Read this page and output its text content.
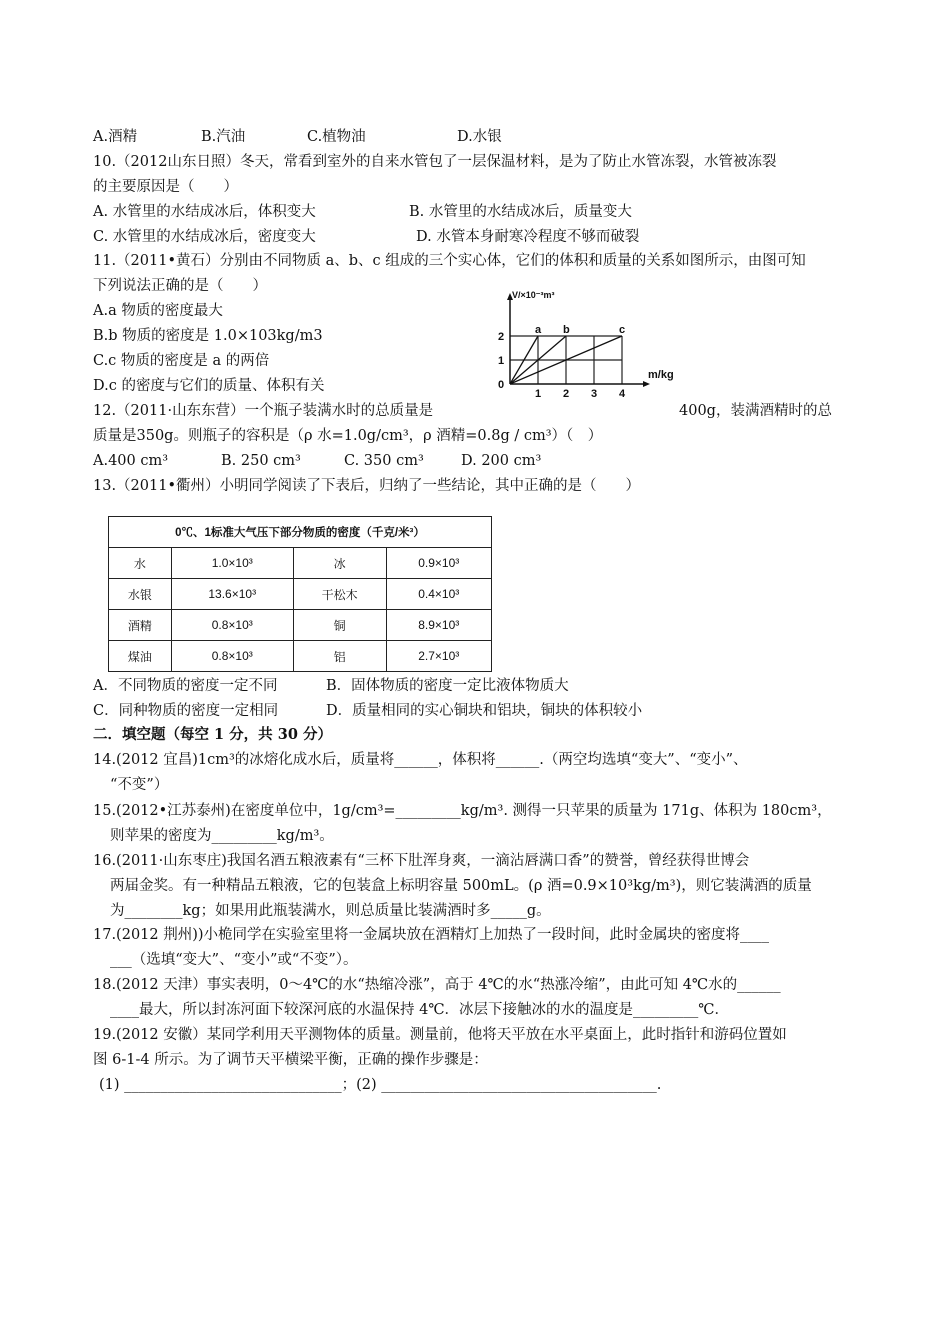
A.酒精	B.汽油	C.植物油	D.水银
10.（2012山东日照）冬天，常看到室外的自来水管包了一层保温材料，是为了防止水管冻裂，水管被冻裂
的主要原因是（　　）
A. 水管里的水结成冰后，体积变大	B. 水管里的水结成冰后，质量变大
C. 水管里的水结成冰后，密度变大	D. 水管本身耐寒冷程度不够而破裂
11.（2011•黄石）分别由不同物质 a、b、c 组成的三个实心体，它们的体积和质量的关系如图所示，由图可知
下列说法正确的是（　　）
A.a 物质的密度最大
B.b 物质的密度是 1.0×103kg/m3
C.c 物质的密度是 a 的两倍
D.c 的密度与它们的质量、体积有关
a b	c
1 2 3 4
1
2
0
m/kg
V/×10⁻³m³
12.（2011·山东东营）一个瓶子装满水时的总质量是	400g，装满酒精时的总
质量是350g。则瓶子的容积是（ρ 水=1.0g/cm³，ρ 酒精=0.8g / cm³）（　）
A.400 cm³	B. 250 cm³	C. 350 cm³	D. 200 cm³
13.（2011•衢州）小明同学阅读了下表后，归纳了一些结论，其中正确的是（　　）
0℃、1标准大气压下部分物质的密度（千克/米³）			
水	1.0×10³	冰	0.9×10³
水银	13.6×10³	干松木	0.4×10³
酒精	0.8×10³	铜	8.9×10³
煤油	0.8×10³	铝	2.7×10³
A．不同物质的密度一定不同	B．固体物质的密度一定比液体物质大
C．同种物质的密度一定相同	D．质量相同的实心铜块和铝块，铜块的体积较小
二．填空题（每空 1 分，共 30 分）
14.(2012 宜昌)1cm³的冰熔化成水后，质量将______，体积将______.（两空均选填“变大”、“变小”、
“不变”）
15.(2012•江苏泰州)在密度单位中，1g/cm³=_________kg/m³. 测得一只苹果的质量为 171g、体积为 180cm³，
则苹果的密度为_________kg/m³。
16.(2011·山东枣庄)我国名酒五粮液素有“三杯下肚浑身爽，一滴沾唇满口香”的赞誉，曾经获得世博会
两届金奖。有一种精品五粮液，它的包装盒上标明容量 500mL。(ρ 酒=0.9×10³kg/m³)，则它装满酒的质量
为________kg；如果用此瓶装满水，则总质量比装满酒时多_____g。
17.(2012 荆州))小桅同学在实验室里将一金属块放在酒精灯上加热了一段时间，此时金属块的密度将____
___（选填“变大”、“变小”或“不变”）。
18.(2012 天津）事实表明，0～4℃的水“热缩冷涨”，高于 4℃的水“热涨冷缩”，由此可知 4℃水的______
____最大，所以封冻河面下较深河底的水温保持 4℃．冰层下接触冰的水的温度是_________℃．
19.(2012 安徽）某同学利用天平测物体的质量。测量前，他将天平放在水平桌面上，此时指针和游码位置如
图 6-1-4 所示。为了调节天平横梁平衡，正确的操作步骤是：
(1) ______________________________；(2) ______________________________________.
